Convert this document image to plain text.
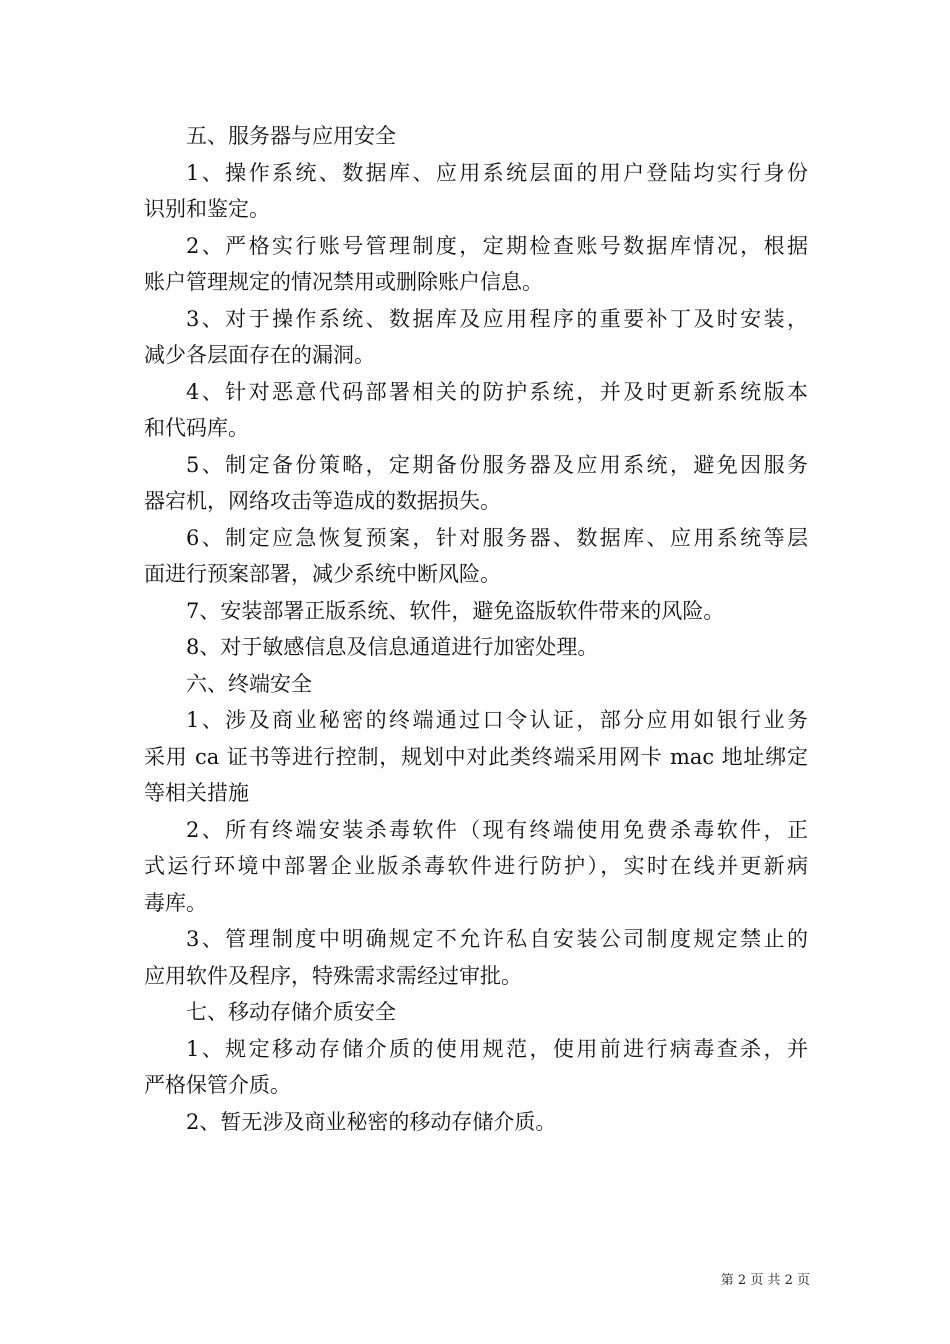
五、服务器与应用安全
1、操作系统、数据库、应用系统层面的用户登陆均实行身份
识别和鉴定。
2、严格实行账号管理制度，定期检查账号数据库情况，根据
账户管理规定的情况禁用或删除账户信息。
3、对于操作系统、数据库及应用程序的重要补丁及时安装，
减少各层面存在的漏洞。
4、针对恶意代码部署相关的防护系统，并及时更新系统版本
和代码库。
5、制定备份策略，定期备份服务器及应用系统，避免因服务
器宕机，网络攻击等造成的数据损失。
6、制定应急恢复预案，针对服务器、数据库、应用系统等层
面进行预案部署，减少系统中断风险。
7、安装部署正版系统、软件，避免盗版软件带来的风险。
8、对于敏感信息及信息通道进行加密处理。
六、终端安全
1、涉及商业秘密的终端通过口令认证，部分应用如银行业务
采用 ca 证书等进行控制，规划中对此类终端采用网卡 mac 地址绑定
等相关措施
2、所有终端安装杀毒软件（现有终端使用免费杀毒软件，正
式运行环境中部署企业版杀毒软件进行防护），实时在线并更新病
毒库。
3、管理制度中明确规定不允许私自安装公司制度规定禁止的
应用软件及程序，特殊需求需经过审批。
七、移动存储介质安全
1、规定移动存储介质的使用规范，使用前进行病毒查杀，并
严格保管介质。
2、暂无涉及商业秘密的移动存储介质。
第 2 页 共 2 页
